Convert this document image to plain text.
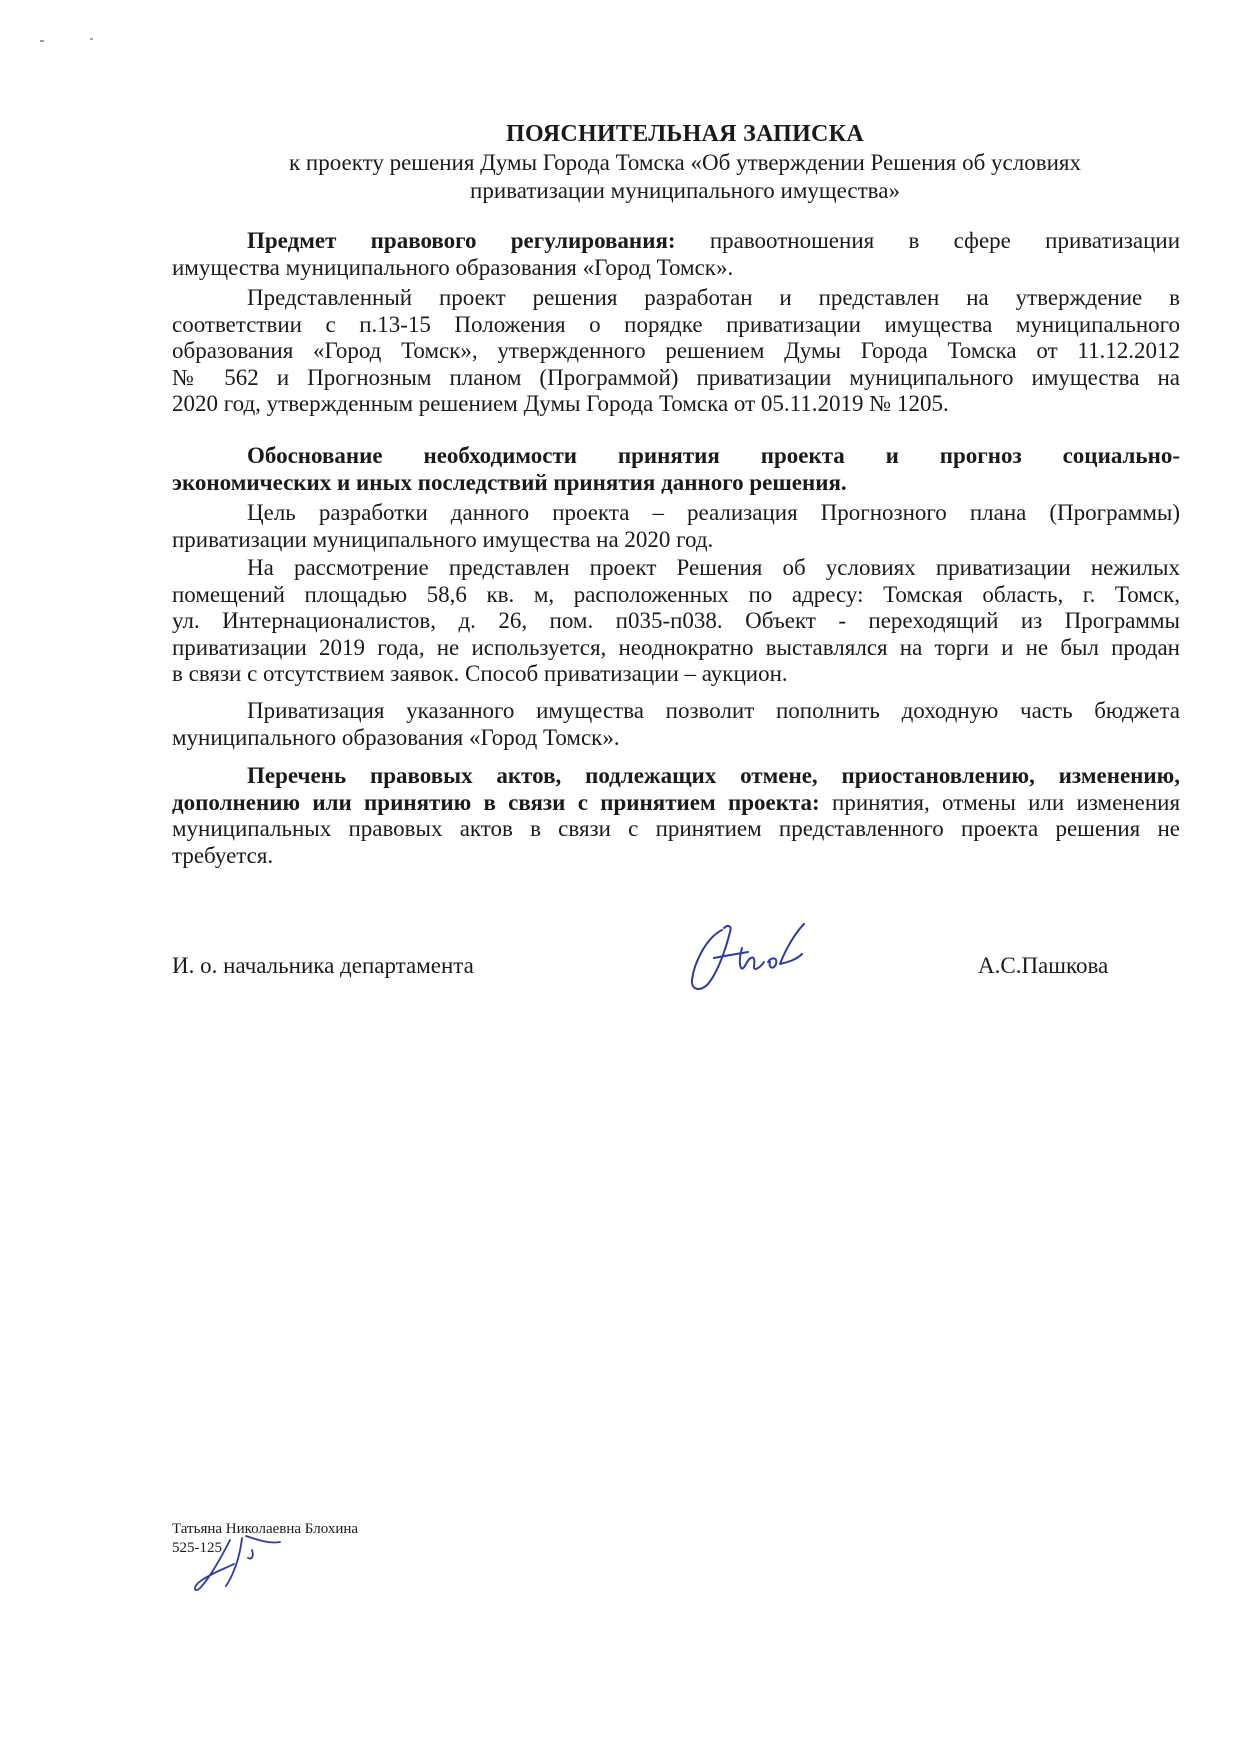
ПОЯСНИТЕЛЬНАЯ ЗАПИСКА
к проекту решения Думы Города Томска «Об утверждении Решения об условиях
приватизации муниципального имущества»
Предмет правового регулирования: правоотношения в сфере приватизации
имущества муниципального образования «Город Томск».
Представленный проект решения разработан и представлен на утверждение в
соответствии с п.13-15 Положения о порядке приватизации имущества муниципального
образования «Город Томск», утвержденного решением Думы Города Томска от 11.12.2012
№ 562 и Прогнозным планом (Программой) приватизации муниципального имущества на
2020 год, утвержденным решением Думы Города Томска от 05.11.2019 № 1205.
Обоснование необходимости принятия проекта и прогноз социально-
экономических и иных последствий принятия данного решения.
Цель разработки данного проекта – реализация Прогнозного плана (Программы)
приватизации муниципального имущества на 2020 год.
На рассмотрение представлен проект Решения об условиях приватизации нежилых
помещений площадью 58,6 кв. м, расположенных по адресу: Томская область, г. Томск,
ул. Интернационалистов, д. 26, пом. п035-п038. Объект - переходящий из Программы
приватизации 2019 года, не используется, неоднократно выставлялся на торги и не был продан
в связи с отсутствием заявок. Способ приватизации – аукцион.
Приватизация указанного имущества позволит пополнить доходную часть бюджета
муниципального образования «Город Томск».
Перечень правовых актов, подлежащих отмене, приостановлению, изменению,
дополнению или принятию в связи с принятием проекта: принятия, отмены или изменения
муниципальных правовых актов в связи с принятием представленного проекта решения не
требуется.
И. о. начальника департамента	А.С.Пашкова
Татьяна Николаевна Блохина
525-125
